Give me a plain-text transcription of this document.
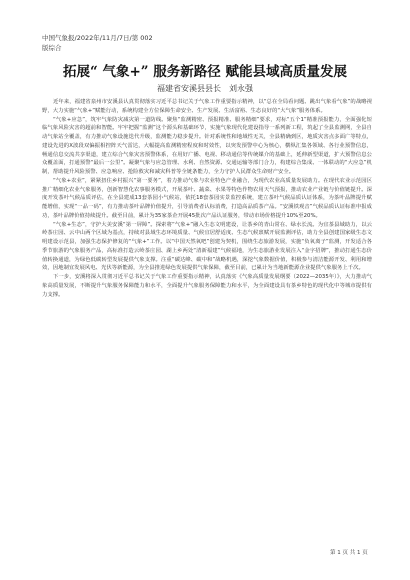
中国气象报/2022年/11月/7日/第 002
版综合
拓展“ 气象+” 服务新路径 赋能县域高质量发展
福建省安溪县县长　刘永强

近年来，福建省泉州市安溪县认真贯彻落实习近平总书记关于气象工作重要指示精神，以“总在全局看问题、跳出气象看气象”的战略视野，大力实施“气象+”赋能行动，系统构建全方位保障生命安全、生产发展、生活富裕、生态良好的“大气象”服务体系。

“气象+应急”，筑牢气象防灾减灾第一道防线。聚焦“监测精密、预报精准、服务精细”要求，对标“五个1”精准预报能力，全面强化短临气象风险灾害的超前和智能。牢牢把握“监测”这个源头和基础环节，实施气象现代化建设指导一系列新工程，筑起了全县监测网，全县自动气象站全覆盖，有力推动气象设施迭代升级，监测能力稳步提升。针对系统性和地域性无关，全县精确到区，地质灾害点多面广等特点，建设先进的X波段双偏振相控阵天气雷达，大幅提高监测精密程度和时效性，以突发预警中心为核心，横纵汇集各领域、各行业预警信息，畅通信息交流共享渠道，建立综合气象灾害预警体系，在用好广播、电视、移动通信等传统媒介的基础上，延伸新型渠道，扩大预警信息公众覆盖面，打通预警“最后一公里”。凝聚气象与应急管理、水利、自然资源、交通运输等部门合力，构建综合集成、一体联动的“大应急”机制，帮助提升风险预警、应急响应、抢险救灾和减灾科普等全链条能力，全力守护人民群众生命财产安全。

“气象+农业”，紧紧扭住乡村振兴“第一要务”，着力推动气象与农业特色产业融合，为现代农业高质量发展助力。在现代农业示范园区推广精细化农业气象服务，创新智慧化农事服务模式，开展茶叶、蔬菜、水果等特色作物农用天气预报，推动农业产业链与价值链提升。深度开发茶叶气候品质评估，在全县建成13套茶园小气候站，依托18套茶园实景监控系统，建立茶叶气候品质认证体系，为茶叶品牌提升赋能增值，实现“一品一码”，有力推动茶叶品牌价值提升，引导消费者认标消费，打造高品质茶产品。“安溪铁观音”气候品质认证标准申报成功，茶叶品牌价值持续提升。截至目前，累计为35家茶企开展45批次产品认证服务，带动市场价格提升10%至20%。

“气象+生态”，守护大美安溪“第一屏障”。探索将“气象+”融入生态文明建设，让茶乡的青山常在、绿水长流。为宜茶县域助力，以云岭茶庄园、云中山两个区域为基点，持续对县域生态环境质量、气候宜居舒适度、生态气候禀赋开展监测评估，助力全县创建国家级生态文明建设示范县，加强生态保护修复的“气象+”工作。以“中国天然氧吧”创建为契机，围绕生态旅游发展，实施“负氧离子”监测，开发适合各季节旅游的气象服务产品，高标准打造云岭茶庄园、湖上乡两处“清新福建”气候福地，为生态旅游业发展注入“金字招牌”，推动打通生态价值转换通道，为绿色低碳转型发展提供气象支撑。注重“碳达峰、碳中和”战略机遇，深挖气象数据价值，积极参与清洁能源开发、利用和增效，因地制宜发展风电、光伏等新能源，为全县推进绿色发展提供气象保障，截至目前，已累计为当地新能源企业提供气象服务上千次。

下一步，安溪将深入贯彻习近平总书记关于气象工作重要指示精神，认真落实《气象高质量发展纲要（2022—2035年）》，大力推动气象高质量发展，不断提升气象服务保障能力和水平，全面提升气象服务保障能力和水平，为全面建设具有茶乡特色的现代化中等城市提供有力支撑。

第 1 页 共 1 页
